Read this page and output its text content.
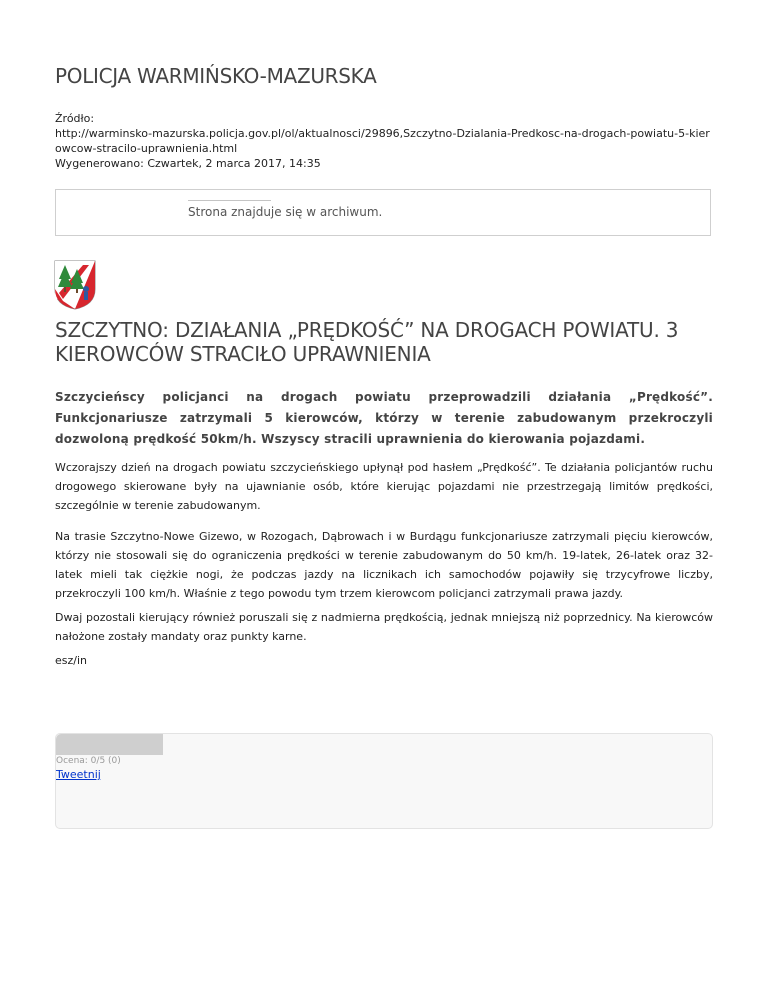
POLICJA WARMIŃSKO-MAZURSKA
Źródło:
http://warminsko-mazurska.policja.gov.pl/ol/aktualnosci/29896,Szczytno-Dzialania-Predkosc-na-drogach-powiatu-5-kierowcow-stracilo-uprawnienia.html
Wygenerowano: Czwartek, 2 marca 2017, 14:35
Strona znajduje się w archiwum.
SZCZYTNO: DZIAŁANIA „PRĘDKOŚĆ” NA DROGACH POWIATU. 3 KIEROWCÓW STRACIŁO UPRAWNIENIA

Szczycieńscy policjanci na drogach powiatu przeprowadzili działania „Prędkość”. Funkcjonariusze zatrzymali 5 kierowców, którzy w terenie zabudowanym przekroczyli dozwoloną prędkość 50km/h. Wszyscy stracili uprawnienia do kierowania pojazdami.

Wczorajszy dzień na drogach powiatu szczycieńskiego upłynął pod hasłem „Prędkość”. Te działania policjantów ruchu drogowego skierowane były na ujawnianie osób, które kierując pojazdami nie przestrzegają limitów prędkości, szczególnie w terenie zabudowanym.

Na trasie Szczytno-Nowe Gizewo, w Rozogach, Dąbrowach i w Burdągu funkcjonariusze zatrzymali pięciu kierowców, którzy nie stosowali się do ograniczenia prędkości w terenie zabudowanym do 50 km/h. 19-latek, 26-latek oraz 32-latek mieli tak ciężkie nogi, że podczas jazdy na licznikach ich samochodów pojawiły się trzycyfrowe liczby, przekroczyli 100 km/h. Właśnie z tego powodu tym trzem kierowcom policjanci zatrzymali prawa jazdy.

Dwaj pozostali kierujący również poruszali się z nadmierna prędkością, jednak mniejszą niż poprzednicy. Na kierowców nałożone zostały mandaty oraz punkty karne.

esz/in

Ocena: 0/5 (0)
Tweetnij
